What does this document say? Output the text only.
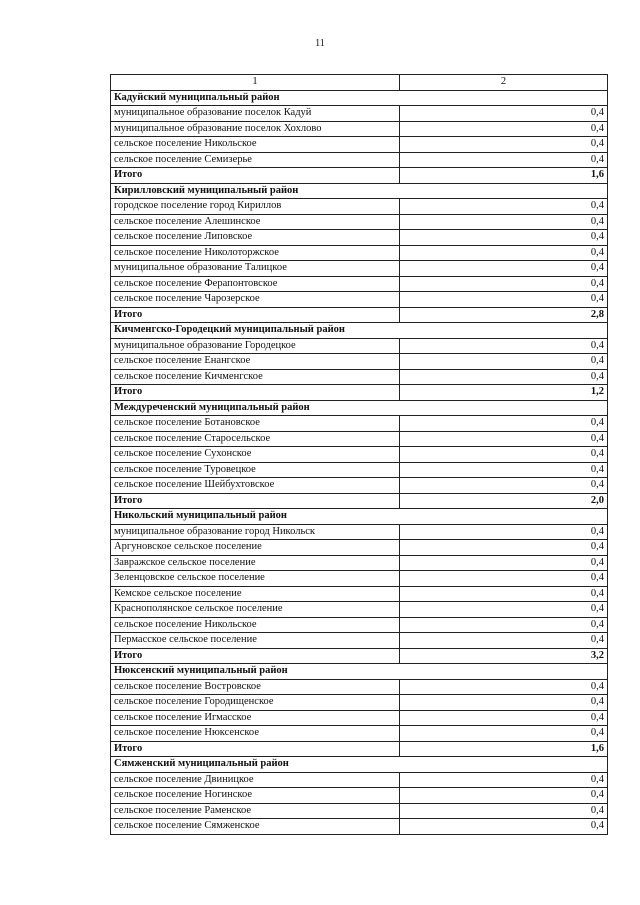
11
1	2
Кадуйский муниципальный район	
муниципальное образование поселок Кадуй	0,4
муниципальное образование поселок Хохлово	0,4
сельское поселение Никольское	0,4
сельское поселение Семизерье	0,4
Итого	1,6
Кирилловский муниципальный район	
городское поселение город Кириллов	0,4
сельское поселение Алешинское	0,4
сельское поселение Липовское	0,4
сельское поселение Николоторжское	0,4
муниципальное образование Талицкое	0,4
сельское поселение Ферапонтовское	0,4
сельское поселение Чарозерское	0,4
Итого	2,8
Кичменгско-Городецкий муниципальный район	
муниципальное образование Городецкое	0,4
сельское поселение Енангское	0,4
сельское поселение Кичменгское	0,4
Итого	1,2
Междуреченский муниципальный район	
сельское поселение Ботановское	0,4
сельское поселение Старосельское	0,4
сельское поселение Сухонское	0,4
сельское поселение Туровецкое	0,4
сельское поселение Шейбухтовское	0,4
Итого	2,0
Никольский муниципальный район	
муниципальное образование город Никольск	0,4
Аргуновское сельское поселение	0,4
Завражское сельское поселение	0,4
Зеленцовское сельское поселение	0,4
Кемское сельское поселение	0,4
Краснополянское сельское поселение	0,4
сельское поселение Никольское	0,4
Пермасское сельское поселение	0,4
Итого	3,2
Нюксенский муниципальный район	
сельское поселение Востровское	0,4
сельское поселение Городищенское	0,4
сельское поселение Игмасское	0,4
сельское поселение Нюксенское	0,4
Итого	1,6
Сямженский муниципальный район	
сельское поселение Двиницкое	0,4
сельское поселение Ногинское	0,4
сельское поселение Раменское	0,4
сельское поселение Сямженское	0,4
